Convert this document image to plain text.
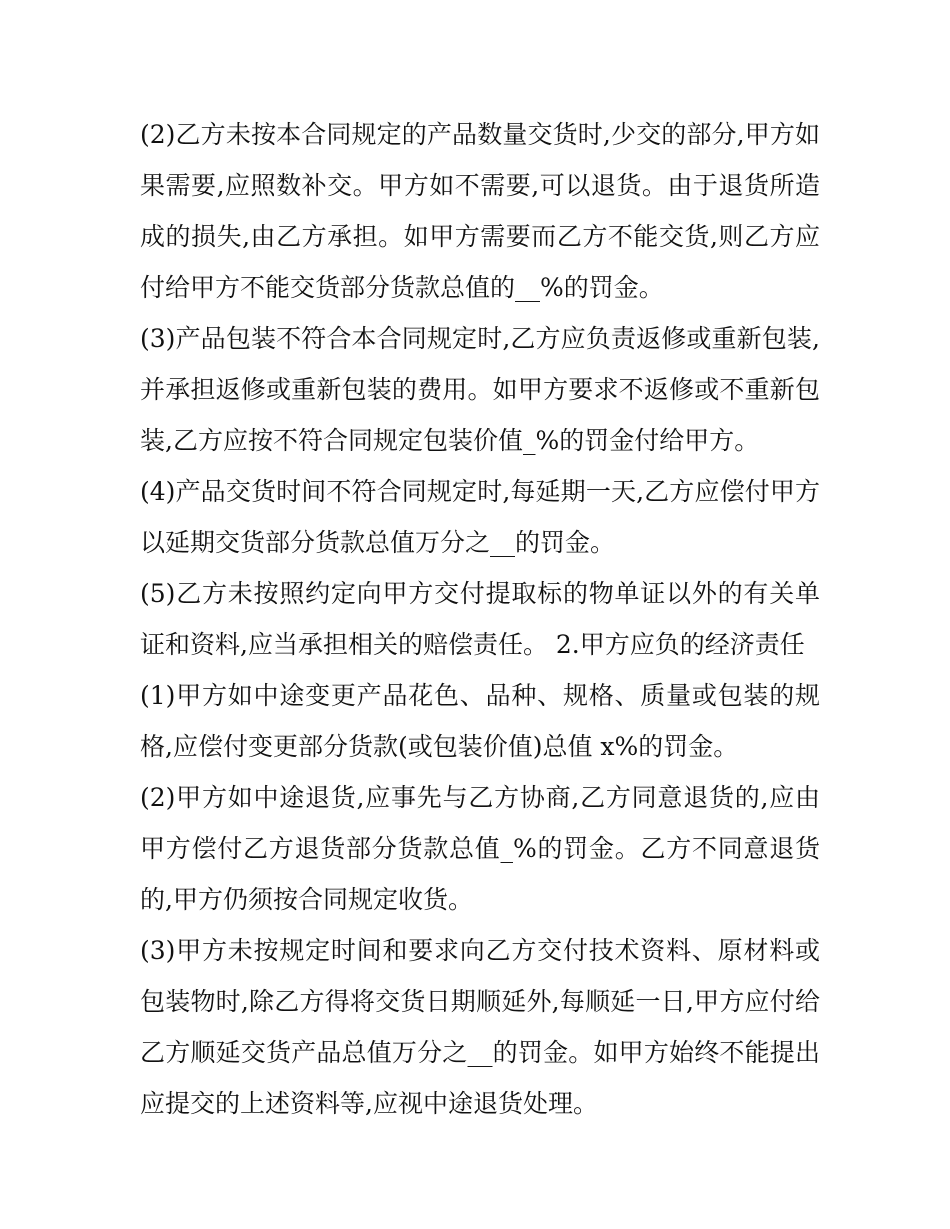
(2)乙方未按本合同规定的产品数量交货时,少交的部分,甲方如果需要,应照数补交。甲方如不需要,可以退货。由于退货所造成的损失,由乙方承担。如甲方需要而乙方不能交货,则乙方应付给甲方不能交货部分货款总值的__%的罚金。

(3)产品包装不符合本合同规定时,乙方应负责返修或重新包装,并承担返修或重新包装的费用。如甲方要求不返修或不重新包装,乙方应按不符合同规定包装价值_%的罚金付给甲方。

(4)产品交货时间不符合同规定时,每延期一天,乙方应偿付甲方以延期交货部分货款总值万分之__的罚金。

(5)乙方未按照约定向甲方交付提取标的物单证以外的有关单证和资料,应当承担相关的赔偿责任。 2.甲方应负的经济责任

(1)甲方如中途变更产品花色、品种、规格、质量或包装的规格,应偿付变更部分货款(或包装价值)总值 x%的罚金。

(2)甲方如中途退货,应事先与乙方协商,乙方同意退货的,应由甲方偿付乙方退货部分货款总值_%的罚金。乙方不同意退货的,甲方仍须按合同规定收货。

(3)甲方未按规定时间和要求向乙方交付技术资料、原材料或包装物时,除乙方得将交货日期顺延外,每顺延一日,甲方应付给乙方顺延交货产品总值万分之__的罚金。如甲方始终不能提出应提交的上述资料等,应视中途退货处理。
